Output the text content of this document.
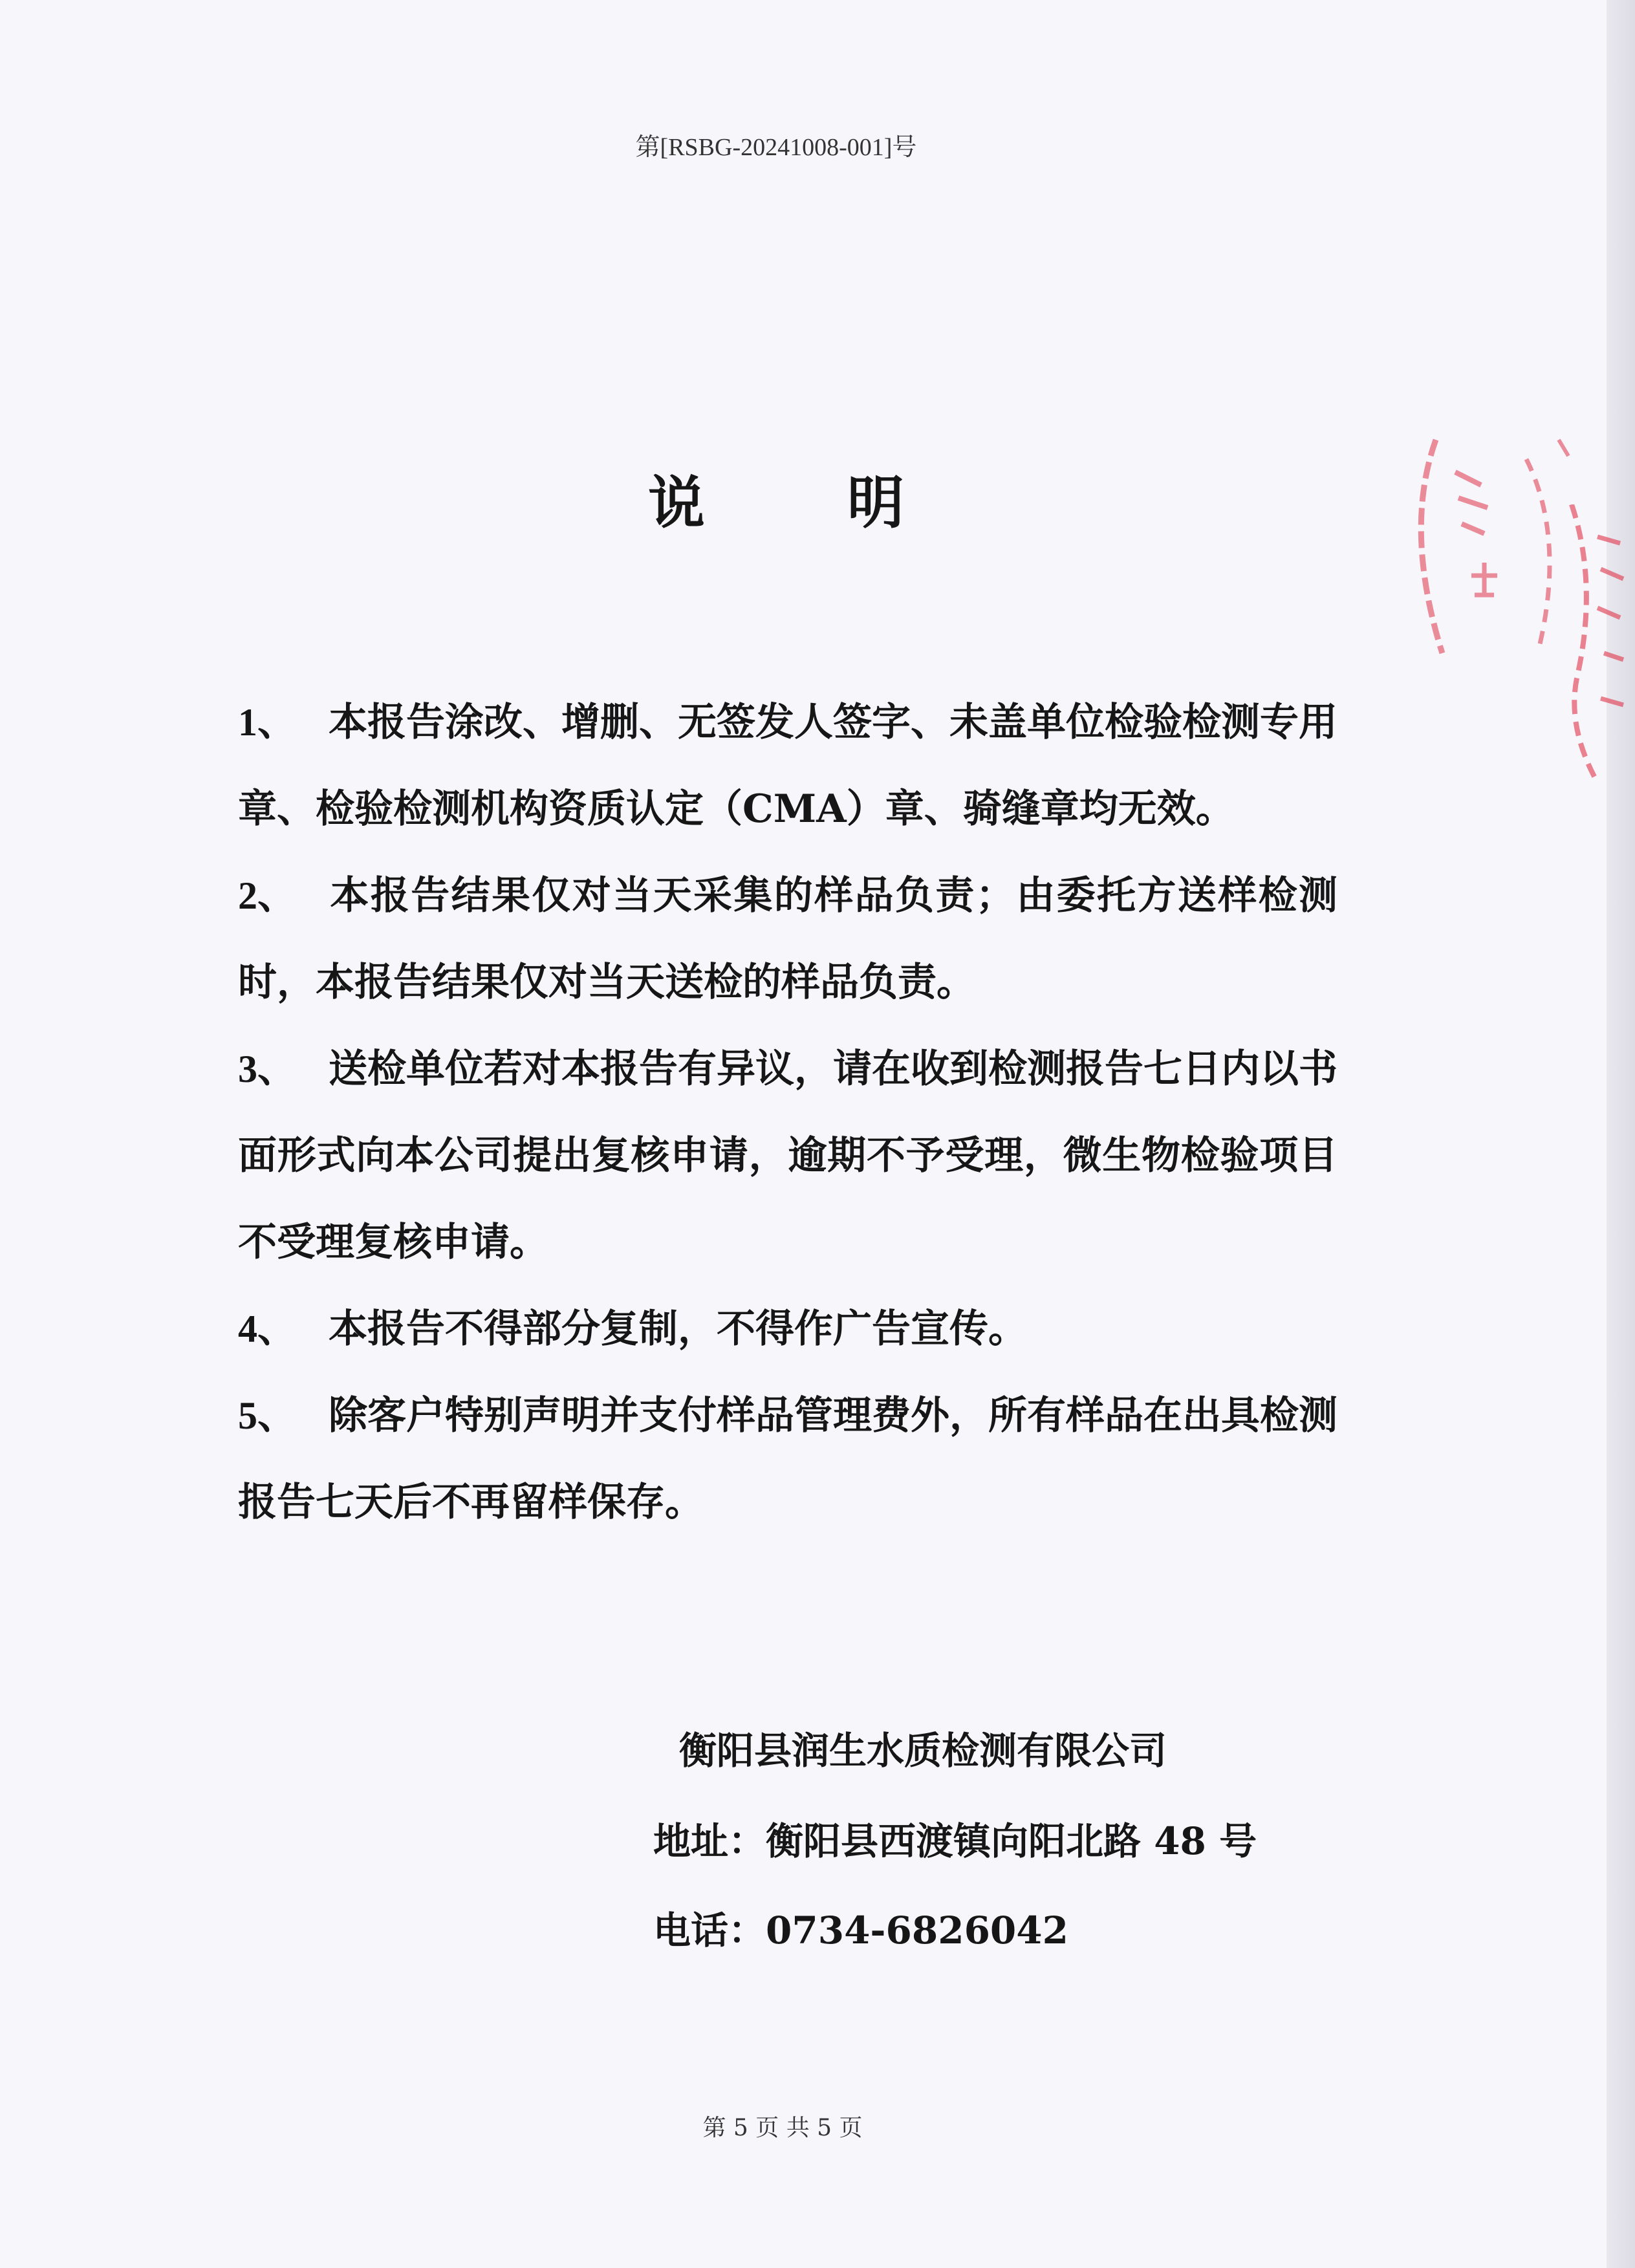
第[RSBG-20241008-001]号
说明
1、 本报告涂改、增删、无签发人签字、未盖单位检验检测专用章、检验检测机构资质认定（CMA）章、骑缝章均无效。
2、 本报告结果仅对当天采集的样品负责；由委托方送样检测时，本报告结果仅对当天送检的样品负责。
3、 送检单位若对本报告有异议，请在收到检测报告七日内以书面形式向本公司提出复核申请，逾期不予受理，微生物检验项目不受理复核申请。
4、 本报告不得部分复制，不得作广告宣传。
5、 除客户特别声明并支付样品管理费外，所有样品在出具检测报告七天后不再留样保存。
衡阳县润生水质检测有限公司
地址：衡阳县西渡镇向阳北路 48 号
电话：0734-6826042
第 5 页 共 5 页
